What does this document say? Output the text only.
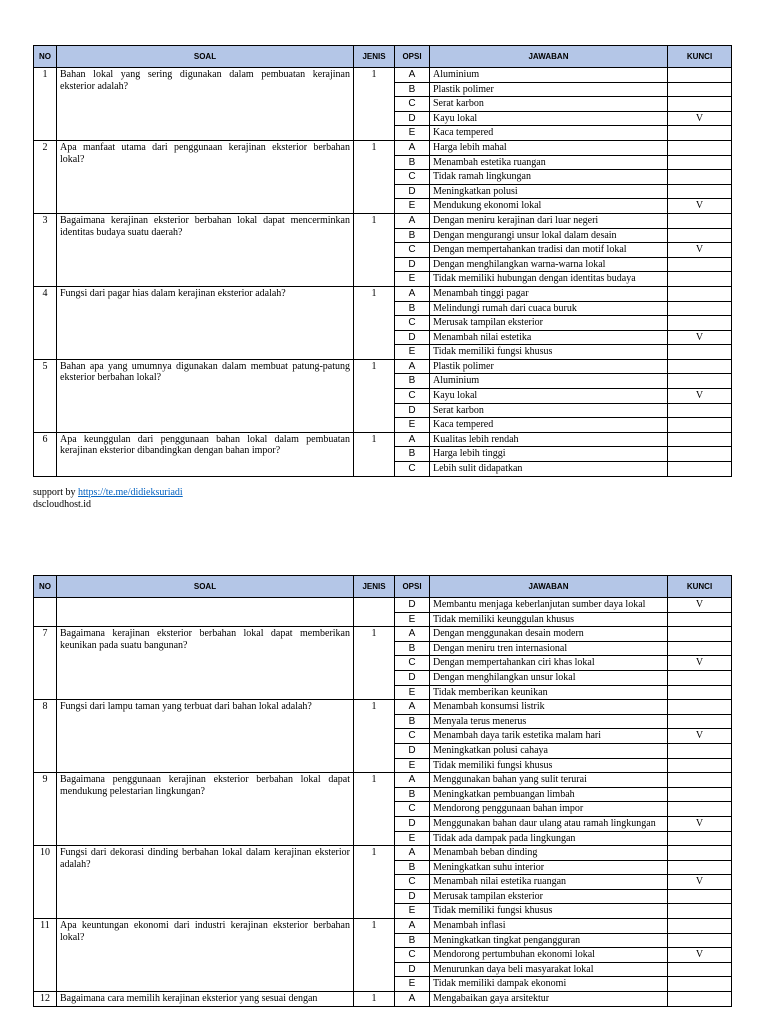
NO	SOAL	JENIS	OPSI	JAWABAN	KUNCI
1	Bahan lokal yang sering digunakan dalam pembuatan kerajinan eksterior adalah?	1	A	Aluminium	
			B	Plastik polimer	
			C	Serat karbon	
			D	Kayu lokal	V
			E	Kaca tempered	
2	Apa manfaat utama dari penggunaan kerajinan eksterior berbahan lokal?	1	A	Harga lebih mahal	
			B	Menambah estetika ruangan	
			C	Tidak ramah lingkungan	
			D	Meningkatkan polusi	
			E	Mendukung ekonomi lokal	V
3	Bagaimana kerajinan eksterior berbahan lokal dapat mencerminkan identitas budaya suatu daerah?	1	A	Dengan meniru kerajinan dari luar negeri	
			B	Dengan mengurangi unsur lokal dalam desain	
			C	Dengan mempertahankan tradisi dan motif lokal	V
			D	Dengan menghilangkan warna-warna lokal	
			E	Tidak memiliki hubungan dengan identitas budaya	
4	Fungsi dari pagar hias dalam kerajinan eksterior adalah?	1	A	Menambah tinggi pagar	
			B	Melindungi rumah dari cuaca buruk	
			C	Merusak tampilan eksterior	
			D	Menambah nilai estetika	V
			E	Tidak memiliki fungsi khusus	
5	Bahan apa yang umumnya digunakan dalam membuat patung-patung eksterior berbahan lokal?	1	A	Plastik polimer	
			B	Aluminium	
			C	Kayu lokal	V
			D	Serat karbon	
			E	Kaca tempered	
6	Apa keunggulan dari penggunaan bahan lokal dalam pembuatan kerajinan eksterior dibandingkan dengan bahan impor?	1	A	Kualitas lebih rendah	
			B	Harga lebih tinggi	
			C	Lebih sulit didapatkan	
support by https://te.me/didieksuriadi
dscloudhost.id
NO	SOAL	JENIS	OPSI	JAWABAN	KUNCI
			D	Membantu menjaga keberlanjutan sumber daya lokal	V
			E	Tidak memiliki keunggulan khusus	
7	Bagaimana kerajinan eksterior berbahan lokal dapat memberikan keunikan pada suatu bangunan?	1	A	Dengan menggunakan desain modern	
			B	Dengan meniru tren internasional	
			C	Dengan mempertahankan ciri khas lokal	V
			D	Dengan menghilangkan unsur lokal	
			E	Tidak memberikan keunikan	
8	Fungsi dari lampu taman yang terbuat dari bahan lokal adalah?	1	A	Menambah konsumsi listrik	
			B	Menyala terus menerus	
			C	Menambah daya tarik estetika malam hari	V
			D	Meningkatkan polusi cahaya	
			E	Tidak memiliki fungsi khusus	
9	Bagaimana penggunaan kerajinan eksterior berbahan lokal dapat mendukung pelestarian lingkungan?	1	A	Menggunakan bahan yang sulit terurai	
			B	Meningkatkan pembuangan limbah	
			C	Mendorong penggunaan bahan impor	
			D	Menggunakan bahan daur ulang atau ramah lingkungan	V
			E	Tidak ada dampak pada lingkungan	
10	Fungsi dari dekorasi dinding berbahan lokal dalam kerajinan eksterior adalah?	1	A	Menambah beban dinding	
			B	Meningkatkan suhu interior	
			C	Menambah nilai estetika ruangan	V
			D	Merusak tampilan eksterior	
			E	Tidak memiliki fungsi khusus	
11	Apa keuntungan ekonomi dari industri kerajinan eksterior berbahan lokal?	1	A	Menambah inflasi	
			B	Meningkatkan tingkat pengangguran	
			C	Mendorong pertumbuhan ekonomi lokal	V
			D	Menurunkan daya beli masyarakat lokal	
			E	Tidak memiliki dampak ekonomi	
12	Bagaimana cara memilih kerajinan eksterior yang sesuai dengan	1	A	Mengabaikan gaya arsitektur	
